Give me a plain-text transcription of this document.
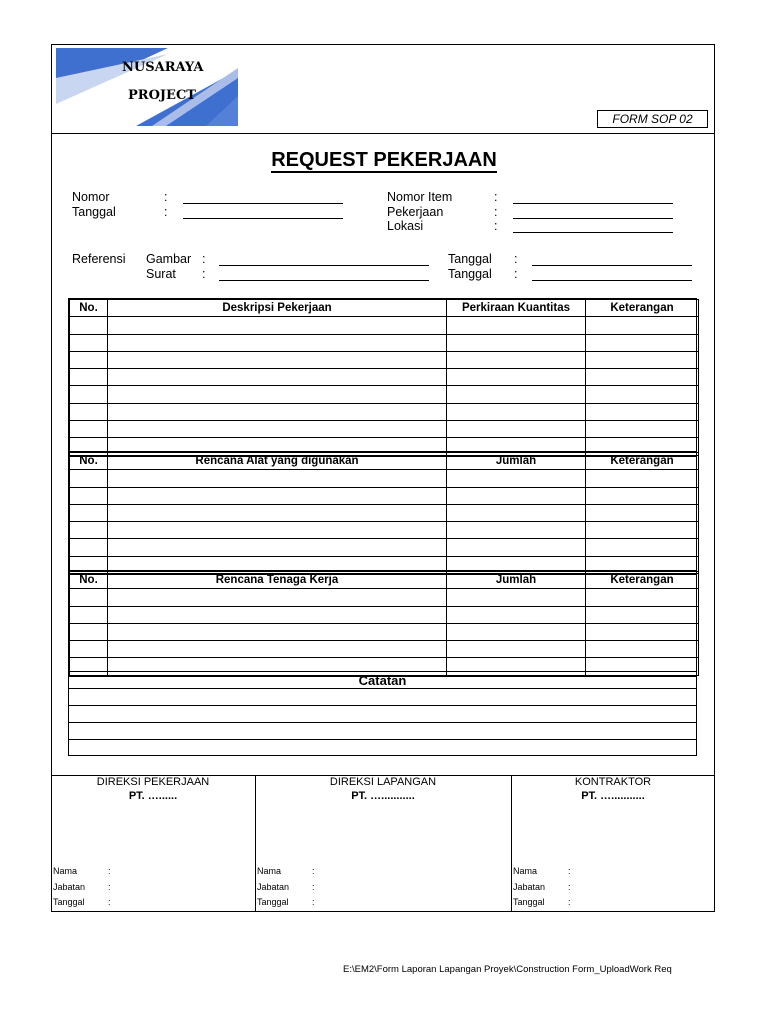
NUSARAYA
PROJECT
FORM SOP 02
REQUEST PEKERJAAN
Nomor	:
Tanggal	:
Nomor Item	:
Pekerjaan	:
Lokasi	:
Referensi Gambar :
Surat :
Tanggal :
Tanggal :
No.	Deskripsi Pekerjaan	Perkiraan Kuantitas	Keterangan

No.	Rencana Alat yang digunakan	Jumlah	Keterangan

No.	Rencana Tenaga Kerja	Jumlah	Keterangan

Catatan
DIREKSI PEKERJAAN
PT. …......
Nama	:
Jabatan	:
Tanggal	:
DIREKSI LAPANGAN
PT. …...........
Nama	:
Jabatan	:
Tanggal	:
KONTRAKTOR
PT. …...........
Nama	:
Jabatan	:
Tanggal	:
E:\EM2\Form Laporan Lapangan Proyek\Construction Form_UploadWork Req
